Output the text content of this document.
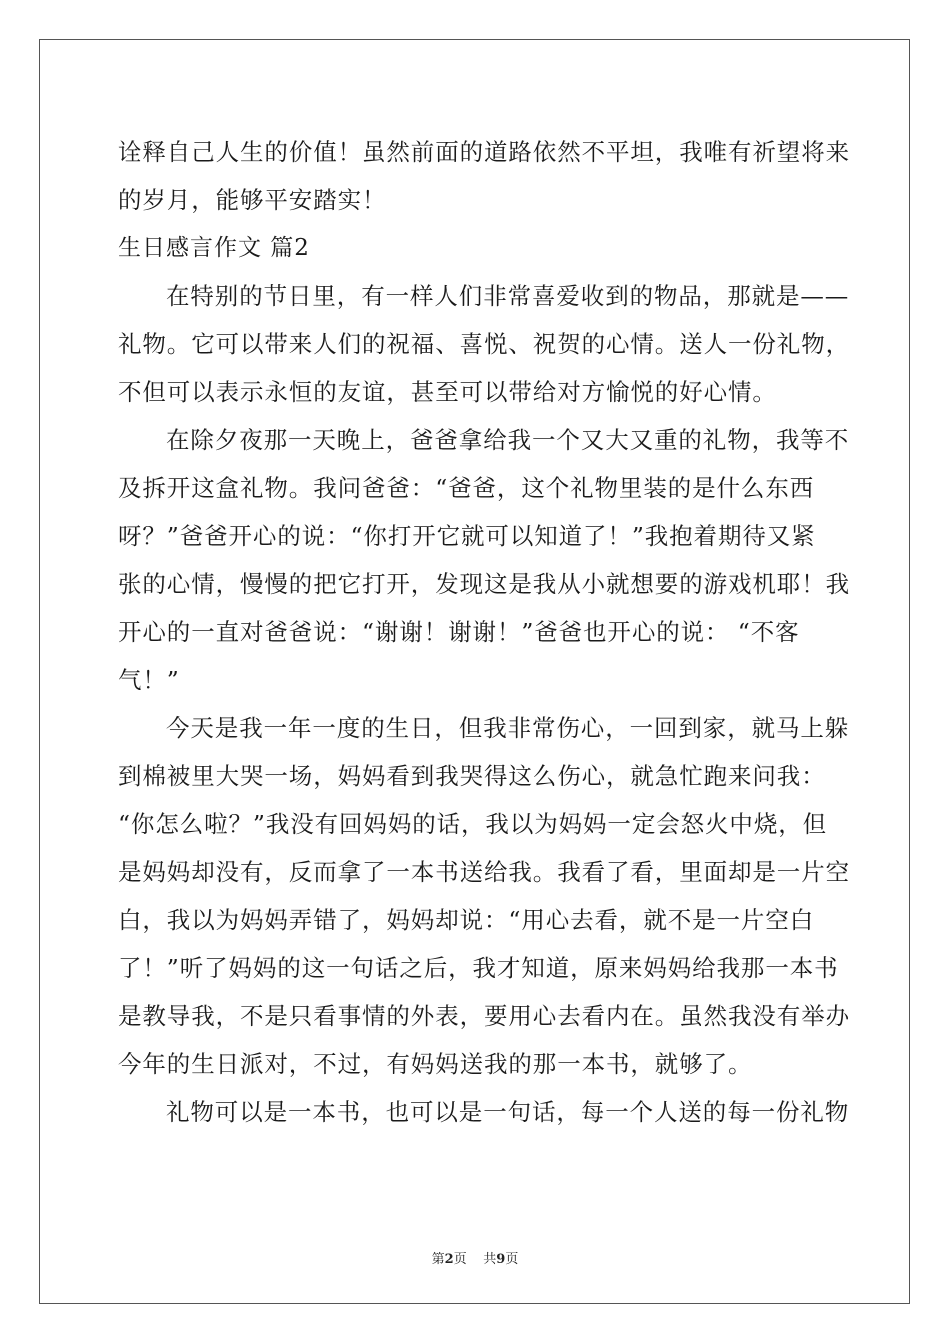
诠释自己人生的价值！虽然前面的道路依然不平坦，我唯有祈望将来
的岁月，能够平安踏实！
生日感言作文 篇2
在特别的节日里，有一样人们非常喜爱收到的物品，那就是——
礼物。它可以带来人们的祝福、喜悦、祝贺的心情。送人一份礼物，
不但可以表示永恒的友谊，甚至可以带给对方愉悦的好心情。
在除夕夜那一天晚上，爸爸拿给我一个又大又重的礼物，我等不
及拆开这盒礼物。我问爸爸：“爸爸，这个礼物里装的是什么东西
呀？”爸爸开心的说：“你打开它就可以知道了！”我抱着期待又紧
张的心情，慢慢的把它打开，发现这是我从小就想要的游戏机耶！我
开心的一直对爸爸说：“谢谢！谢谢！”爸爸也开心的说： “不客
气！”
今天是我一年一度的生日，但我非常伤心，一回到家，就马上躲
到棉被里大哭一场，妈妈看到我哭得这么伤心，就急忙跑来问我：
“你怎么啦？”我没有回妈妈的话，我以为妈妈一定会怒火中烧，但
是妈妈却没有，反而拿了一本书送给我。我看了看，里面却是一片空
白，我以为妈妈弄错了，妈妈却说：“用心去看，就不是一片空白
了！”听了妈妈的这一句话之后，我才知道，原来妈妈给我那一本书
是教导我，不是只看事情的外表，要用心去看内在。虽然我没有举办
今年的生日派对，不过，有妈妈送我的那一本书，就够了。
礼物可以是一本书，也可以是一句话，每一个人送的每一份礼物
第2页 共9页
